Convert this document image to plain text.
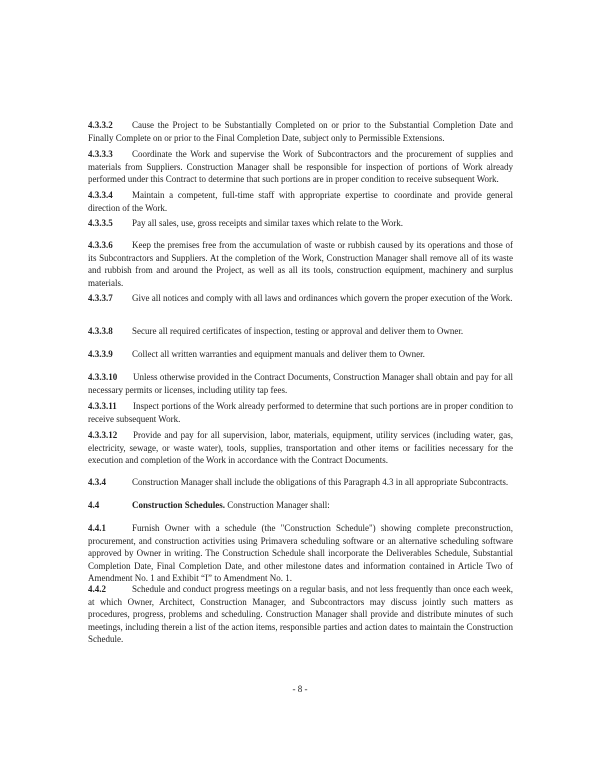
4.3.3.2 Cause the Project to be Substantially Completed on or prior to the Substantial Completion Date and Finally Complete on or prior to the Final Completion Date, subject only to Permissible Extensions.
4.3.3.3 Coordinate the Work and supervise the Work of Subcontractors and the procurement of supplies and materials from Suppliers. Construction Manager shall be responsible for inspection of portions of Work already performed under this Contract to determine that such portions are in proper condition to receive subsequent Work.
4.3.3.4 Maintain a competent, full-time staff with appropriate expertise to coordinate and provide general direction of the Work.
4.3.3.5 Pay all sales, use, gross receipts and similar taxes which relate to the Work.
4.3.3.6 Keep the premises free from the accumulation of waste or rubbish caused by its operations and those of its Subcontractors and Suppliers. At the completion of the Work, Construction Manager shall remove all of its waste and rubbish from and around the Project, as well as all its tools, construction equipment, machinery and surplus materials.
4.3.3.7 Give all notices and comply with all laws and ordinances which govern the proper execution of the Work.
4.3.3.8 Secure all required certificates of inspection, testing or approval and deliver them to Owner.
4.3.3.9 Collect all written warranties and equipment manuals and deliver them to Owner.
4.3.3.10 Unless otherwise provided in the Contract Documents, Construction Manager shall obtain and pay for all necessary permits or licenses, including utility tap fees.
4.3.3.11 Inspect portions of the Work already performed to determine that such portions are in proper condition to receive subsequent Work.
4.3.3.12 Provide and pay for all supervision, labor, materials, equipment, utility services (including water, gas, electricity, sewage, or waste water), tools, supplies, transportation and other items or facilities necessary for the execution and completion of the Work in accordance with the Contract Documents.
4.3.4	Construction Manager shall include the obligations of this Paragraph 4.3 in all appropriate Subcontracts.
4.4	Construction Schedules. Construction Manager shall:
4.4.1	Furnish Owner with a schedule (the "Construction Schedule") showing complete preconstruction, procurement, and construction activities using Primavera scheduling software or an alternative scheduling software approved by Owner in writing. The Construction Schedule shall incorporate the Deliverables Schedule, Substantial Completion Date, Final Completion Date, and other milestone dates and information contained in Article Two of Amendment No. 1 and Exhibit “I” to Amendment No. 1.
4.4.2	Schedule and conduct progress meetings on a regular basis, and not less frequently than once each week, at which Owner, Architect, Construction Manager, and Subcontractors may discuss jointly such matters as procedures, progress, problems and scheduling. Construction Manager shall provide and distribute minutes of such meetings, including therein a list of the action items, responsible parties and action dates to maintain the Construction Schedule.
- 8 -
